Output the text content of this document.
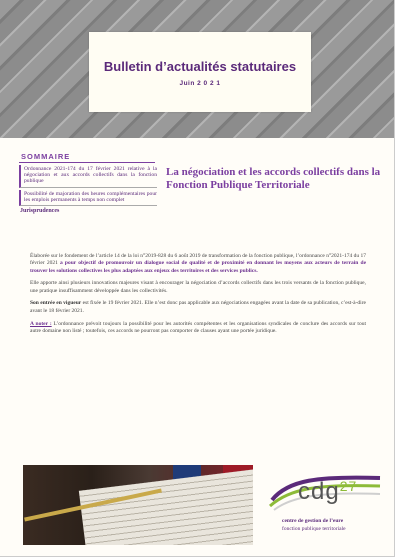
Bulletin d’actualités statutaires
Juin 2 0 2 1
SOMMAIRE
Ordonnance 2021-174 du 17 février 2021 relative à la négociation et aux accords collectifs dans la fonction publique
Possibilité de majoration des heures complémentaires pour les emplois permanents à temps non complet
Jurisprudences
La négociation et les accords collectifs dans la Fonction Publique Territoriale

Élaborée sur le fondement de l’article 14 de la loi n°2019-828 du 6 août 2019 de transformation de la fonction publique, l’ordonnance n°2021-174 du 17 février 2021 a pour objectif de promouvoir un dialogue social de qualité et de proximité en donnant les moyens aux acteurs de terrain de trouver les solutions collectives les plus adaptées aux enjeux des territoires et des services publics.

Elle apporte ainsi plusieurs innovations majeures visant à encourager la négociation d’accords collectifs dans les trois versants de la fonction publique, une pratique insuffisamment développée dans les collectivités.

Son entrée en vigueur est fixée le 19 février 2021. Elle n’est donc pas applicable aux négociations engagées avant la date de sa publication, c’est-à-dire avant le 18 février 2021.

A noter : L’ordonnance prévoit toujours la possibilité pour les autorités compétentes et les organisations syndicales de conclure des accords sur tout autre domaine non listé ; toutefois, ces accords ne pourront pas comporter de clauses ayant une portée juridique.

cdg$^{27}$
centre de gestion de l’eure
fonction publique territoriale
